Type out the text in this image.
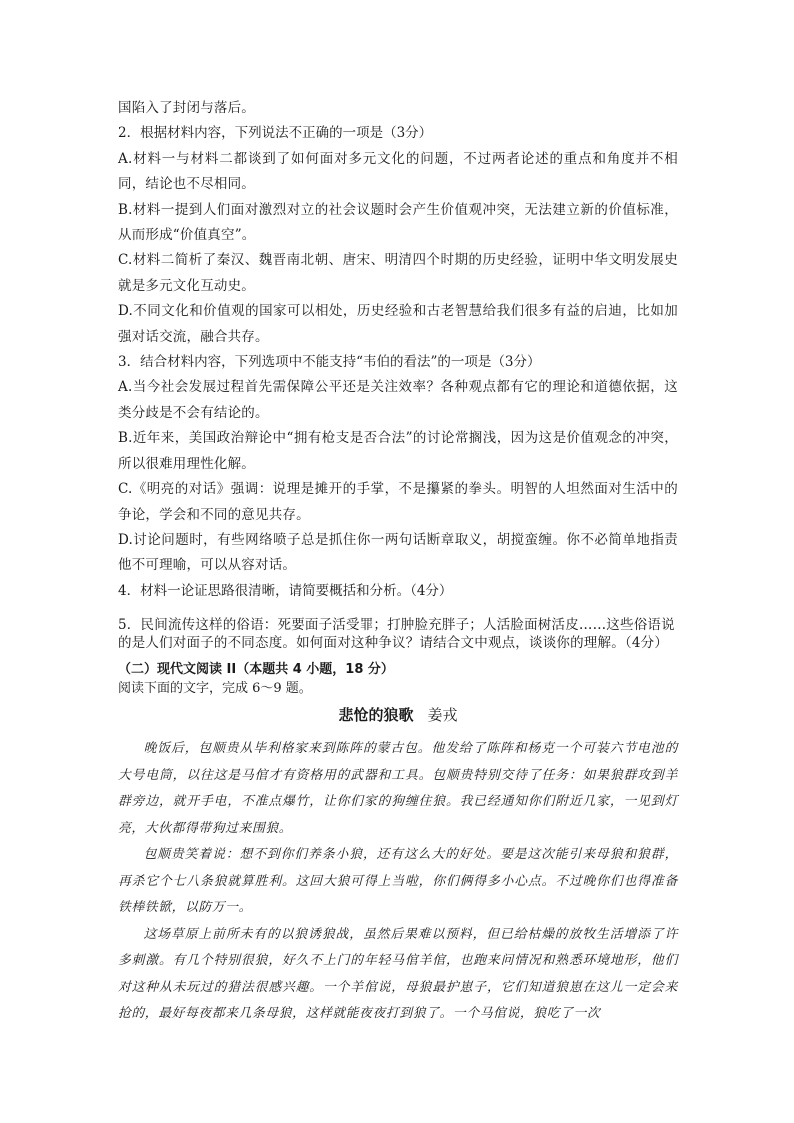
国陷入了封闭与落后。

2．根据材料内容，下列说法不正确的一项是（3分）

A.材料一与材料二都谈到了如何面对多元文化的问题，不过两者论述的重点和角度并不相同，结论也不尽相同。

B.材料一提到人们面对激烈对立的社会议题时会产生价值观冲突，无法建立新的价值标准，从而形成“价值真空”。

C.材料二简析了秦汉、魏晋南北朝、唐宋、明清四个时期的历史经验，证明中华文明发展史就是多元文化互动史。

D.不同文化和价值观的国家可以相处，历史经验和古老智慧给我们很多有益的启迪，比如加强对话交流，融合共存。

3．结合材料内容，下列选项中不能支持“韦伯的看法”的一项是（3分）

A.当今社会发展过程首先需保障公平还是关注效率？各种观点都有它的理论和道德依据，这类分歧是不会有结论的。

B.近年来，美国政治辩论中“拥有枪支是否合法”的讨论常搁浅，因为这是价值观念的冲突，所以很难用理性化解。

C.《明亮的对话》强调：说理是摊开的手掌，不是攥紧的拳头。明智的人坦然面对生活中的争论，学会和不同的意见共存。

D.讨论问题时，有些网络喷子总是抓住你一两句话断章取义，胡搅蛮缠。你不必简单地指责他不可理喻，可以从容对话。

4．材料一论证思路很清晰，请简要概括和分析。（4分）

5．民间流传这样的俗语：死要面子活受罪；打肿脸充胖子；人活脸面树活皮……这些俗语说的是人们对面子的不同态度。如何面对这种争议？请结合文中观点，谈谈你的理解。（4分）

（二）现代文阅读 II（本题共 4 小题，18 分）

阅读下面的文字，完成 6～9 题。

悲怆的狼歌 姜戎

晚饭后，包顺贵从毕利格家来到陈阵的蒙古包。他发给了陈阵和杨克一个可装六节电池的大号电筒，以往这是马倌才有资格用的武器和工具。包顺贵特别交待了任务：如果狼群攻到羊群旁边，就开手电，不准点爆竹，让你们家的狗缠住狼。我已经通知你们附近几家，一见到灯亮，大伙都得带狗过来围狼。

包顺贵笑着说：想不到你们养条小狼，还有这么大的好处。要是这次能引来母狼和狼群，再杀它个七八条狼就算胜利。这回大狼可得上当啦，你们俩得多小心点。不过晚你们也得准备铁棒铁锨，以防万一。

这场草原上前所未有的以狼诱狼战，虽然后果难以预料，但已给枯燥的放牧生活增添了许多刺激。有几个特别很狼，好久不上门的年轻马倌羊倌，也跑来问情况和熟悉环境地形，他们对这种从未玩过的猎法很感兴趣。一个羊倌说，母狼最护崽子，它们知道狼崽在这儿一定会来抢的，最好每夜都来几条母狼，这样就能夜夜打到狼了。一个马倌说，狼吃了一次
